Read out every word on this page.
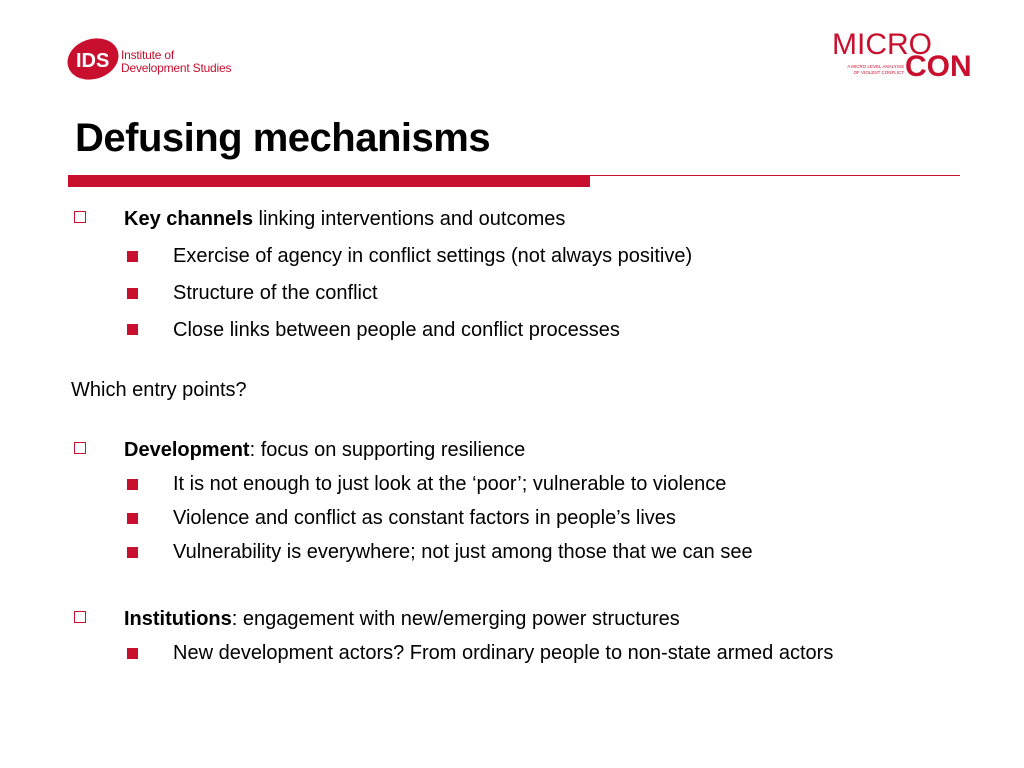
IDS Institute of
Development Studies
MICRO
CON
A MICRO LEVEL ANALYSIS
OF VIOLENT CONFLICT
Defusing mechanisms
Key channels linking interventions and outcomes
Exercise of agency in conflict settings (not always positive)
Structure of the conflict
Close links between people and conflict processes
Which entry points?
Development: focus on supporting resilience
It is not enough to just look at the ‘poor’; vulnerable to violence
Violence and conflict as constant factors in people’s lives
Vulnerability is everywhere; not just among those that we can see
Institutions: engagement with new/emerging power structures
New development actors? From ordinary people to non-state armed actors
